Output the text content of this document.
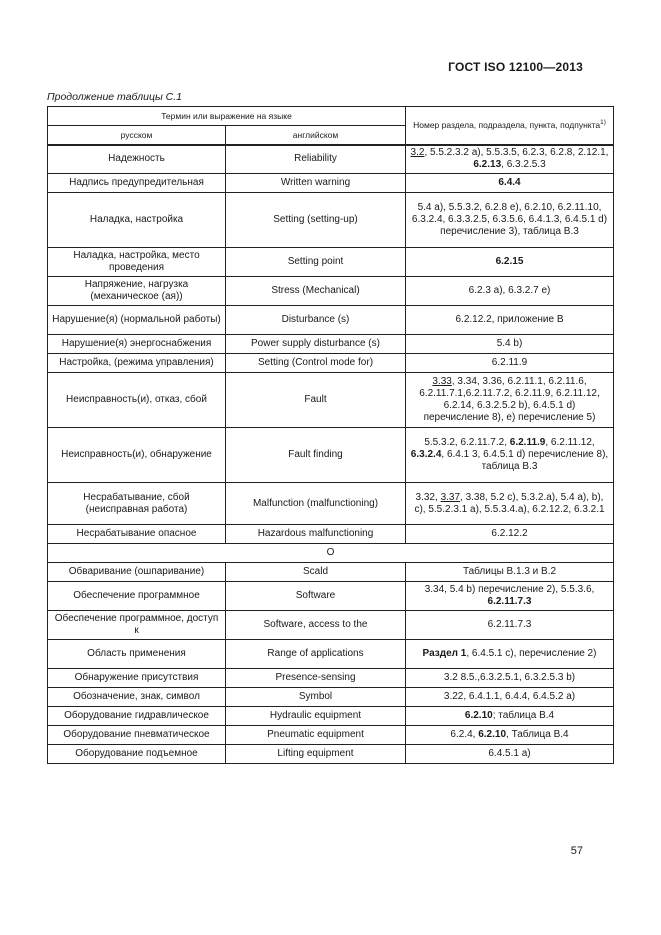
ГОСТ ISO 12100—2013
Продолжение таблицы С.1
Термин или выражение на языке		Номер раздела, подраздела, пункта, подпункта$^{1)}$
русском	английском	
Надежность	Reliability	3.2, 5.5.2.3.2 а), 5.5.3.5, 6.2.3, 6.2.8, 2.12.1, 6.2.13, 6.3.2.5.3
Надпись предупредительная	Written warning	6.4.4
Наладка, настройка	Setting (setting-up)	5.4 а), 5.5.3.2, 6.2.8 е), 6.2.10, 6.2.11.10, 6.3.2.4, 6.3.3.2.5, 6.3.5.6, 6.4.1.3, 6.4.5.1 d) перечисление 3), таблица В.3
Наладка, настройка, место проведения	Setting point	6.2.15
Напряжение, нагрузка (механическое (ая))	Stress (Mechanical)	6.2.3 а), 6.3.2.7 е)
Нарушение(я) (нормальной работы)	Disturbance (s)	6.2.12.2, приложение В
Нарушение(я) энергоснабжения	Power supply disturbance (s)	5.4 b)
Настройка, (режима управления)	Setting (Control mode for)	6.2.11.9
Неисправность(и), отказ, сбой	Fault	3.33, 3.34, 3.36, 6.2.11.1, 6.2.11.6, 6.2.11.7.1,6.2.11.7.2, 6.2.11.9, 6.2.11.12, 6.2.14, 6.3.2.5.2 b), 6.4.5.1 d) перечисление 8), е) перечисление 5)
Неисправность(и), обнаружение	Fault finding	5.5.3.2, 6.2.11.7.2, 6.2.11.9, 6.2.11.12, 6.3.2.4, 6.4.1 3, 6.4.5.1 d) перечисление 8), таблица В.3
Несрабатывание, сбой (неисправная работа)	Malfunction (malfunctioning)	3.32, 3.37, 3.38, 5.2 с), 5.3.2.а), 5.4 а), b), с), 5.5.2.3.1 а), 5.5.3.4.а), 6.2.12.2, 6.3.2.1
Несрабатывание опасное	Hazardous malfunctioning	6.2.12.2
О		
Обваривание (ошпаривание)	Scald	Таблицы В.1.3 и В.2
Обеспечение программное	Software	3.34, 5.4 b) перечисление 2), 5.5.3.6, 6.2.11.7.3
Обеспечение программное, доступ к	Software, access to the	6.2.11.7.3
Область применения	Range of applications	Раздел 1, 6.4.5.1 с), перечисление 2)
Обнаружение присутствия	Presence-sensing	3.2 8.5.,6.3.2.5.1, 6.3.2.5.3 b)
Обозначение, знак, символ	Symbol	3.22, 6.4.1.1, 6.4.4, 6.4.5.2 а)
Оборудование гидравлическое	Hydraulic equipment	6.2.10; таблица В.4
Оборудование пневматическое	Pneumatic equipment	6.2.4, 6.2.10, Таблица В.4
Оборудование подъемное	Lifting equipment	6.4.5.1 а)
57
